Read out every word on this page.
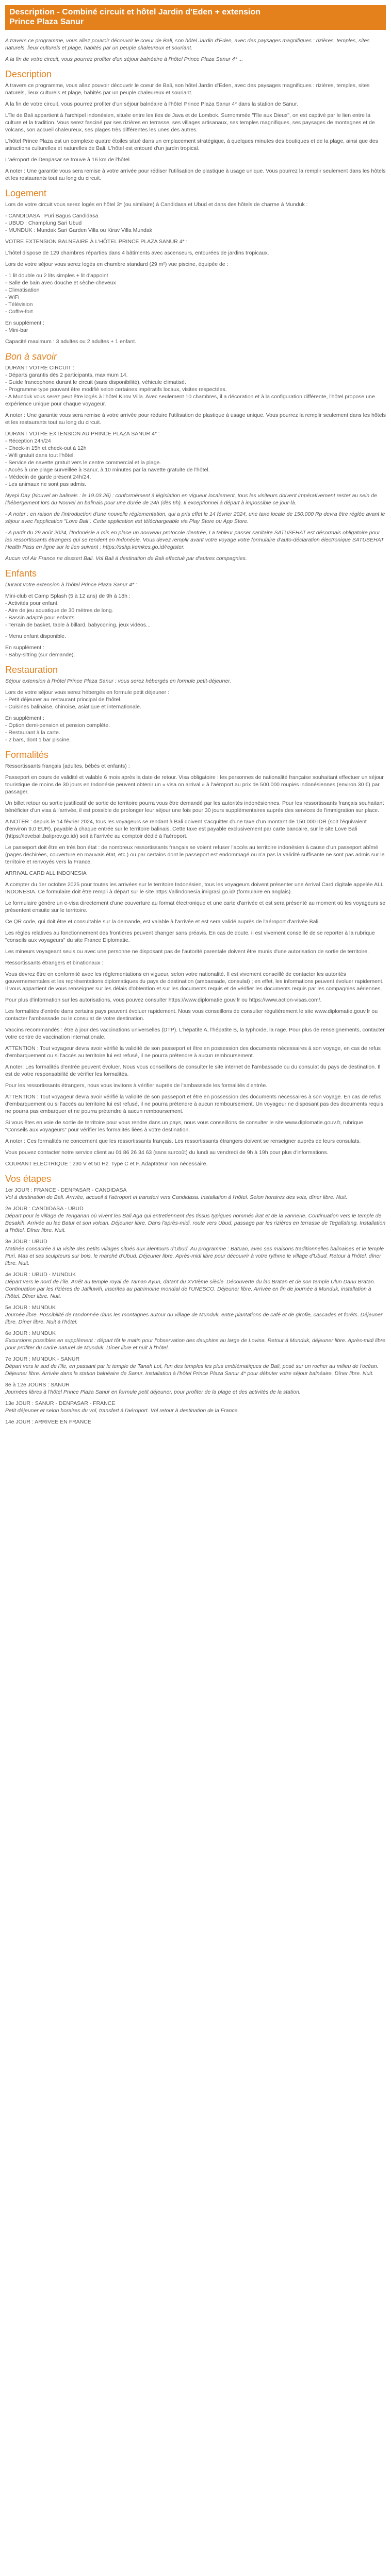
Description - Combiné circuit et hôtel Jardin d'Eden + extension
Prince Plaza Sanur

A travers ce programme, vous allez pouvoir découvrir le coeur de Bali, son hôtel Jardin d'Eden, avec des paysages magnifiques : rizières, temples, sites naturels, lieux culturels et plage, habités par un peuple chaleureux et souriant.

A la fin de votre circuit, vous pourrez profiter d'un séjour balnéaire à l'hôtel Prince Plaza Sanur 4* ...

Description

A travers ce programme, vous allez pouvoir découvrir le coeur de Bali, son hôtel Jardin d'Eden, avec des paysages magnifiques : rizières, temples, sites naturels, lieux culturels et plage, habités par un peuple chaleureux et souriant.

A la fin de votre circuit, vous pourrez profiter d'un séjour balnéaire à l'hôtel Prince Plaza Sanur 4* dans la station de Sanur.

L'île de Bali appartient à l'archipel indonésien, située entre les îles de Java et de Lombok. Surnommée "l'île aux Dieux", on est captivé par le lien entre la culture et la tradition. Vous serez fasciné par ses rizières en terrasse, ses villages artisanaux, ses temples magnifiques, ses paysages de montagnes et de volcans, son accueil chaleureux, ses plages très différentes les unes des autres.

L'hôtel Prince Plaza est un complexe quatre étoiles situé dans un emplacement stratégique, à quelques minutes des boutiques et de la plage, ainsi que des attractions culturelles et naturelles de Bali. L'hôtel est entouré d'un jardin tropical.

L'aéroport de Denpasar se trouve à 16 km de l'hôtel.

A noter : Une garantie vous sera remise à votre arrivée pour rédiser l'utilisation de plastique à usage unique. Vous pourrez la remplir seulement dans les hôtels et les restaurants tout au long du circuit.

Logement

Lors de votre circuit vous serez logés en hôtel 3* (ou similaire) à Candidasa et Ubud et dans des hôtels de charme à Munduk :

- CANDIDASA : Puri Bagus Candidasa
- UBUD : Champlung Sari Ubud
- MUNDUK : Mundak Sari Garden Villa ou Kirav Villa Mundak

VOTRE EXTENSION BALNEAIRE À L'HÔTEL PRINCE PLAZA SANUR 4* :

L'hôtel dispose de 129 chambres réparties dans 4 bâtiments avec ascenseurs, entourées de jardins tropicaux.

Lors de votre séjour vous serez logés en chambre standard (29 m²) vue piscine, équipée de :

- 1 lit double ou 2 lits simples + lit d'appoint
- Salle de bain avec douche et sèche-cheveux
- Climatisation
- WiFi
- Télévision
- Coffre-fort

En supplément :

- Mini-bar

Capacité maximum : 3 adultes ou 2 adultes + 1 enfant.

Bon à savoir
DURANT VOTRE CIRCUIT :
- Départs garantis dès 2 participants, maximum 14.
- Guide francophone durant le circuit (sans disponibilité), véhicule climatisé.
- Programme type pouvant être modifié selon certaines impératifs locaux, visites respectées.
- A Munduk vous serez peut être logés à l'hôtel Kirov Villa. Avec seulement 10 chambres, il a décoration et à la configuration différente, l'hôtel propose une expérience unique pour chaque voyageur.

A noter : Une garantie vous sera remise à votre arrivée pour réduire l'utilisation de plastique à usage unique. Vous pourrez la remplir seulement dans les hôtels et les restaurants tout au long du circuit.

DURANT VOTRE EXTENSION AU PRINCE PLAZA SANUR 4* :
- Réception 24h/24
- Check-in 15h et check-out à 12h
- Wifi gratuit dans tout l'hôtel.
- Service de navette gratuit vers le centre commercial et la plage.
- Accès à une plage surveillée à Sanur, à 10 minutes par la navette gratuite de l'hôtel.
- Médecin de garde présent 24h/24.
- Les animaux ne sont pas admis.

Nyepi Day (Nouvel an balinais : le 19.03.26) : conformément à législation en vigueur localement, tous les visiteurs doivent impérativement rester au sein de l'hébergement lors du Nouvel an balinais pour une durée de 24h (dès 6h). Il exceptionnel à départ à impossible ce jour-là.

- A noter : en raison de l'introduction d'une nouvelle réglementation, qui a pris effet le 14 février 2024, une taxe locale de 150.000 Rp devra être réglée avant le séjour avec l'application "Love Bali". Cette application est téléchargeable via Play Store ou App Store.

- A partir du 29 août 2024, l'Indonésie a mis en place un nouveau protocole d'entrée, La tableur passer sanitaire SATUSEHAT est désormais obligatoire pour les ressortissants étrangers qui se rendent en Indonésie. Vous devez remplir avant votre voyage votre formulaire d'auto-déclaration électronique SATUSEHAT Health Pass en ligne sur le lien suivant : https://sshp.kemkes.go.id/register.

Aucun vol Air France ne dessert Bali. Vol Bali à destination de Bali effectué par d'autres compagnies.

Enfants

Durant votre extension à l'hôtel Prince Plaza Sanur 4* :

Mini-club et Camp Splash (5 à 12 ans) de 9h à 18h :

- Activités pour enfant.
- Aire de jeu aquatique de 30 mètres de long.
- Bassin adapté pour enfants.
- Terrain de basket, table à billard, babyconing, jeux vidéos...

- Menu enfant disponible.

En supplément :

- Baby-sitting (sur demande).

Restauration

Séjour extension à l'hôtel Prince Plaza Sanur : vous serez hébergés en formule petit-déjeuner.

Lors de votre séjour vous serez hébergés en formule petit déjeuner :

- Petit déjeuner au restaurant principal de l'hôtel.
- Cuisines balinaise, chinoise, asiatique et internationale.

En supplément :

- Option demi-pension et pension complète.
- Restaurant à la carte.
- 2 bars, dont 1 bar piscine.
Formalités

Ressortissants français (adultes, bébés et enfants) :

Passeport en cours de validité et valable 6 mois après la date de retour. Visa obligatoire : les personnes de nationalité française souhaitant effectuer un séjour touristique de moins de 30 jours en Indonésie peuvent obtenir un « visa on arrival » à l'aéroport au prix de 500.000 roupies indonésiennes (environ 30 €) par passager.

Un billet retour ou sortie justificatif de sortie de territoire pourra vous être demandé par les autorités indonésiennes. Pour les ressortissants français souhaitant bénéficier d'un visa à l'arrivée, il est possible de prolonger leur séjour une fois pour 30 jours supplémentaires auprès des services de l'immigration sur place.

A NOTER : depuis le 14 février 2024, tous les voyageurs se rendant à Bali doivent s'acquitter d'une taxe d'un montant de 150.000 IDR (soit l'équivalent d'environ 9,0 EUR), payable à chaque entrée sur le territoire balinais. Cette taxe est payable exclusivement par carte bancaire, sur le site Love Bali (https://lovebali.baliprov.go.id/) soit à l'arrivée au comptoir dédié à l'aéroport.

Le passeport doit être en très bon état : de nombreux ressortissants français se voient refuser l'accès au territoire indonésien à cause d'un passeport abîmé (pages déchirées, couverture en mauvais état, etc.) ou par certains dont le passeport est endommagé ou n'a pas la validité suffisante ne sont pas admis sur le territoire et renvoyés vers la France.

ARRIVAL CARD ALL INDONESIA

A compter du 1er octobre 2025 pour toutes les arrivées sur le territoire Indonésien, tous les voyageurs doivent présenter une Arrival Card digitale appelée ALL INDONESIA. Ce formulaire doit être rempli à départ sur le site https://allindonesia.imigrasi.go.id/ (formulaire en anglais).

Le formulaire génère un e-visa directement d'une couverture au format électronique et une carte d'arrivée et est sera présenté au moment où les voyageurs se présentent ensuite sur le territoire.

Ce QR code, qui doit être et consultable sur la demande, est valable à l'arrivée et est sera validé auprès de l'aéroport d'arrivée Bali.

Les règles relatives au fonctionnement des frontières peuvent changer sans préavis. En cas de doute, il est vivement conseillé de se reporter à la rubrique "conseils aux voyageurs" du site France Diplomatie.

Les mineurs voyageant seuls ou avec une personne ne disposant pas de l'autorité parentale doivent être munis d'une autorisation de sortie de territoire.

Ressortissants étrangers et binationaux :

Vous devrez être en conformité avec les réglementations en vigueur, selon votre nationalité. Il est vivement conseillé de contacter les autorités gouvernementales et les représentations diplomatiques du pays de destination (ambassade, consulat) ; en effet, les informations peuvent évoluer rapidement. Il vous appartient de vous renseigner sur les délais d'obtention et sur les documents requis et de vérifier les documents requis par les compagnies aériennes.

Pour plus d'information sur les autorisations, vous pouvez consulter https://www.diplomatie.gouv.fr ou https://www.action-visas.com/.

Les formalités d'entrée dans certains pays peuvent évoluer rapidement. Nous vous conseillons de consulter régulièrement le site www.diplomatie.gouv.fr ou contacter l'ambassade ou le consulat de votre destination.

Vaccins recommandés : être à jour des vaccinations universelles (DTP). L'hépatite A, l'hépatite B, la typhoïde, la rage. Pour plus de renseignements, contacter votre centre de vaccination internationale.

ATTENTION : Tout voyageur devra avoir vérifié la validité de son passeport et être en possession des documents nécessaires à son voyage, en cas de refus d'embarquement ou si l'accès au territoire lui est refusé, il ne pourra prétendre à aucun remboursement.

A noter: Les formalités d'entrée peuvent évoluer. Nous vous conseillons de consulter le site internet de l'ambassade ou du consulat du pays de destination. Il est de votre responsabilité de vérifier les formalités.

Pour les ressortissants étrangers, nous vous invitons à vérifier auprès de l'ambassade les formalités d'entrée.

ATTENTION : Tout voyageur devra avoir vérifié la validité de son passeport et être en possession des documents nécessaires à son voyage. En cas de refus d'embarquement ou si l'accès au territoire lui est refusé, il ne pourra prétendre à aucun remboursement. Un voyageur ne disposant pas des documents requis ne pourra pas embarquer et ne pourra prétendre à aucun remboursement.

Si vous êtes en voie de sortie de territoire pour vous rendre dans un pays, nous vous conseillons de consulter le site www.diplomatie.gouv.fr, rubrique "Conseils aux voyageurs" pour vérifier les formalités liées à votre destination.

A noter : Ces formalités ne concernent que les ressortissants français. Les ressortissants étrangers doivent se renseigner auprès de leurs consulats.

Vous pouvez contacter notre service client au 01 86 26 34 63 (sans surcoût) du lundi au vendredi de 9h à 19h pour plus d'informations.

COURANT ELECTRIQUE : 230 V et 50 Hz. Type C et F. Adaptateur non nécessaire.

Vos étapes
1er JOUR : FRANCE - DENPASAR - CANDIDASA
Vol à destination de Bali. Arrivée, accueil à l'aéroport et transfert vers Candidasa. Installation à l'hôtel. Selon horaires des vols, dîner libre. Nuit.
2e JOUR : CANDIDASA - UBUD
Départ pour le village de Tenganan où vivent les Bali Aga qui entretiennent des tissus typiques nommés ikat et de la vannerie. Continuation vers le temple de Besakih. Arrivée au lac Batur et son volcan. Déjeuner libre. Dans l'après-midi, route vers Ubud, passage par les rizières en terrasse de Tegallalang. Installation à l'hôtel. Dîner libre. Nuit.
3e JOUR : UBUD
Matinée consacrée à la visite des petits villages situés aux alentours d'Ubud. Au programme : Batuan, avec ses maisons traditionnelles balinaises et le temple Puri, Mas et ses sculpteurs sur bois, le marché d'Ubud. Déjeuner libre. Après-midi libre pour découvrir à votre rythme le village d'Ubud. Retour à l'hôtel, dîner libre. Nuit.
4e JOUR : UBUD - MUNDUK
Départ vers le nord de l'île. Arrêt au temple royal de Taman Ayun, datant du XVIIème siècle. Découverte du lac Bratan et de son temple Ulun Danu Bratan. Continuation par les rizières de Jatiluwih, inscrites au patrimoine mondial de l'UNESCO. Déjeuner libre. Arrivée en fin de journée à Munduk, installation à l'hôtel. Dîner libre. Nuit.
5e JOUR : MUNDUK
Journée libre. Possibilité de randonnée dans les montagnes autour du village de Munduk, entre plantations de café et de girofle, cascades et forêts. Déjeuner libre. Dîner libre. Nuit à l'hôtel.
6e JOUR : MUNDUK
Excursions possibles en supplément : départ tôt le matin pour l'observation des dauphins au large de Lovina. Retour à Munduk, déjeuner libre. Après-midi libre pour profiter du cadre naturel de Munduk. Dîner libre et nuit à l'hôtel.
7e JOUR : MUNDUK - SANUR
Départ vers le sud de l'île, en passant par le temple de Tanah Lot, l'un des temples les plus emblématiques de Bali, posé sur un rocher au milieu de l'océan. Déjeuner libre. Arrivée dans la station balnéaire de Sanur. Installation à l'hôtel Prince Plaza Sanur 4* pour débuter votre séjour balnéaire. Dîner libre. Nuit.
8e à 12e JOURS : SANUR
Journées libres à l'hôtel Prince Plaza Sanur en formule petit déjeuner, pour profiter de la plage et des activités de la station.
13e JOUR : SANUR - DENPASAR - FRANCE
Petit déjeuner et selon horaires du vol, transfert à l'aéroport. Vol retour à destination de la France.
14e JOUR : ARRIVEE EN FRANCE
